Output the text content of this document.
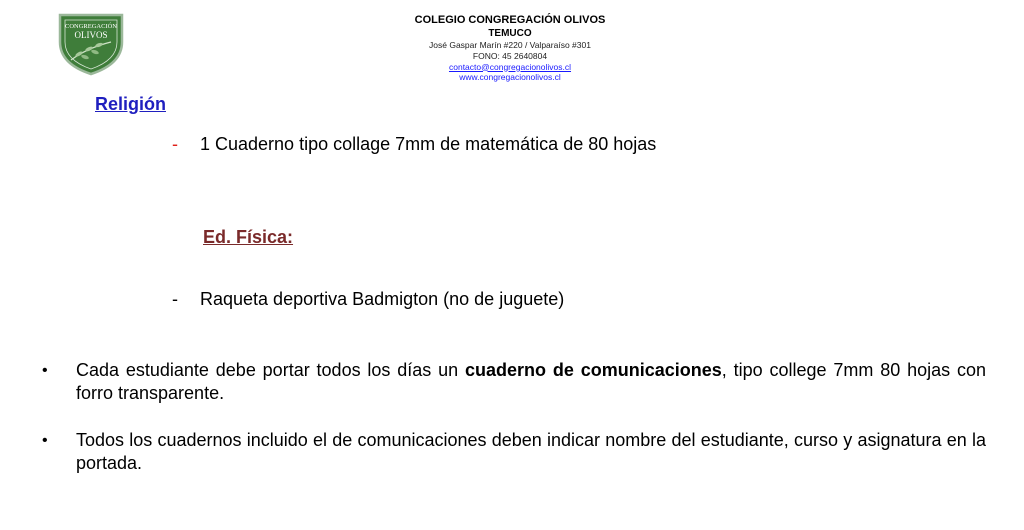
CONGREGACIÓN
OLIVOS
COLEGIO CONGREGACIÓN OLIVOS
TEMUCO
José Gaspar Marín #220 / Valparaíso #301
FONO: 45 2640804
contacto@congregacionolivos.cl
www.congregacionolivos.cl
Religión
- 1 Cuaderno tipo collage 7mm de matemática de 80 hojas
Ed. Física:
- Raqueta deportiva Badmigton (no de juguete)
•	Cada estudiante debe portar todos los días un cuaderno de comunicaciones, tipo college 7mm 80 hojas con forro transparente.
•	Todos los cuadernos incluido el de comunicaciones deben indicar nombre del estudiante, curso y asignatura en la portada.
